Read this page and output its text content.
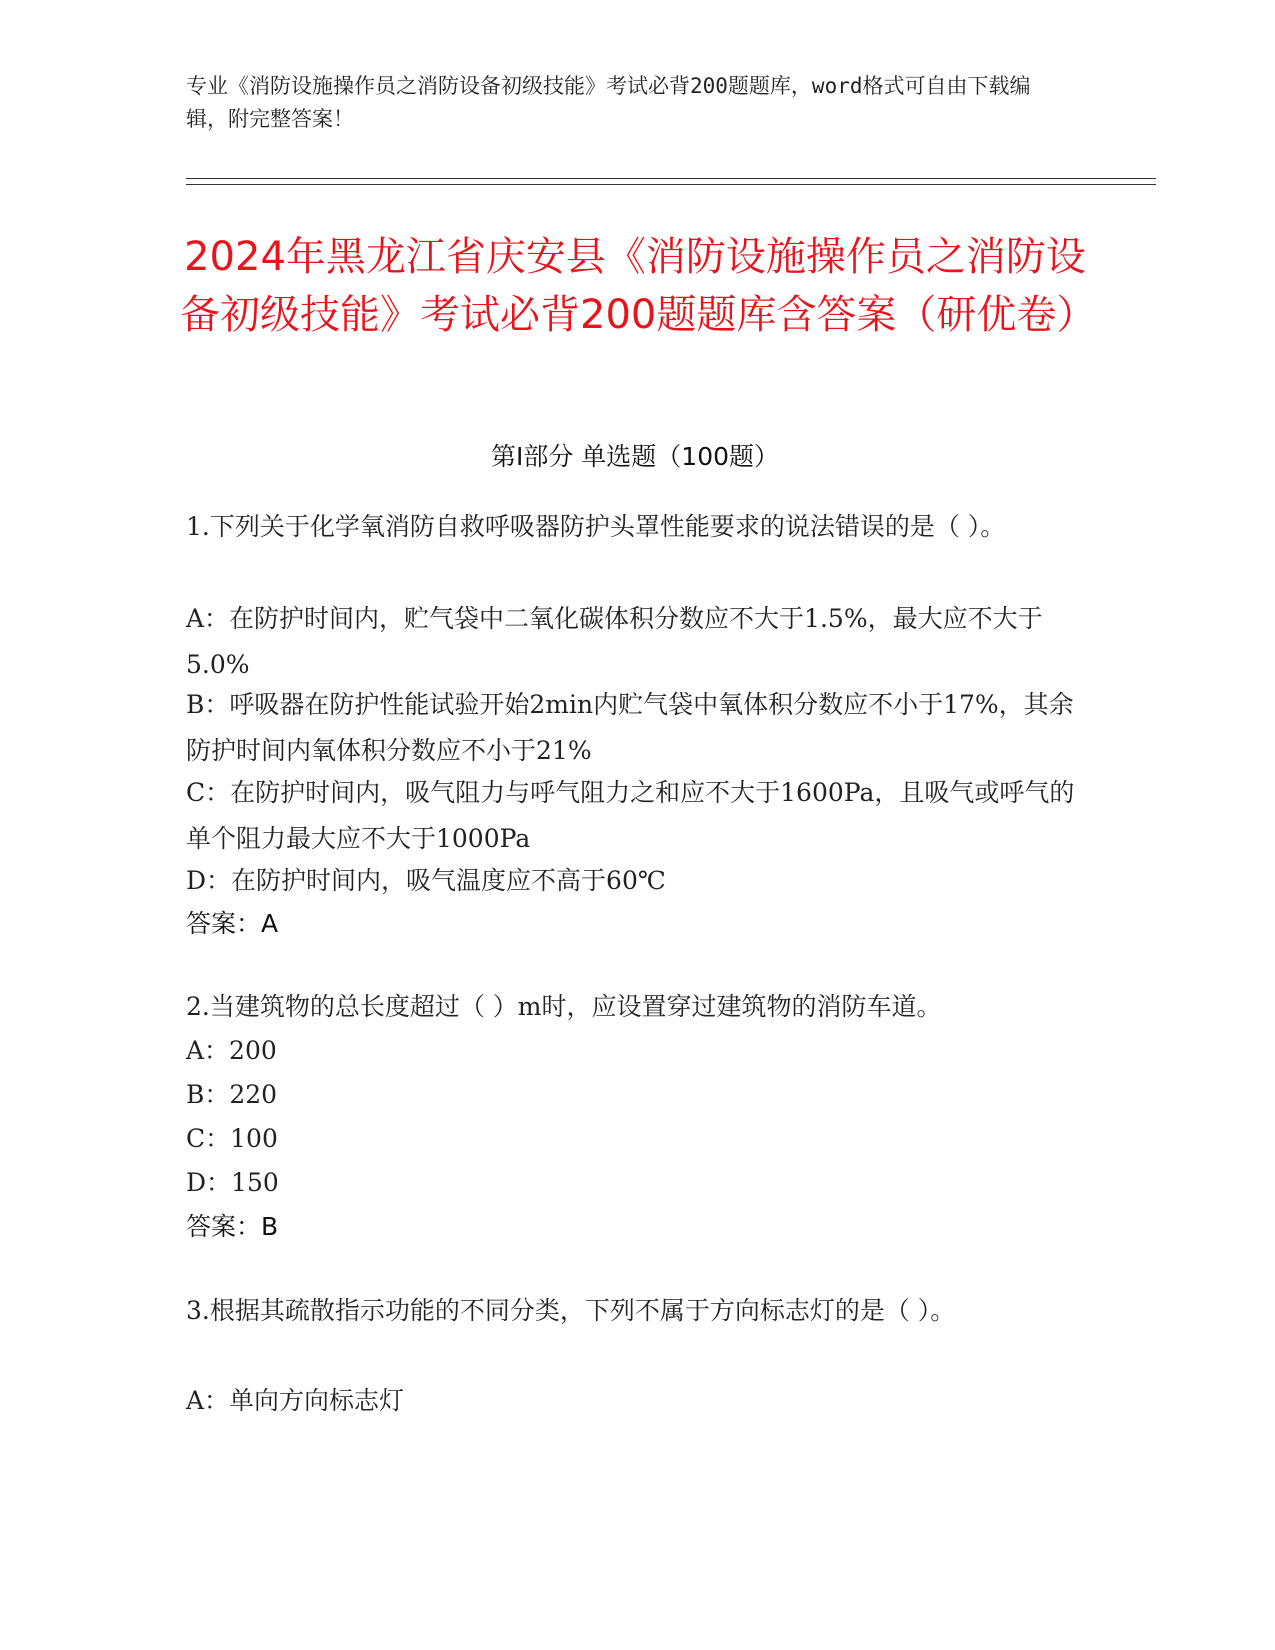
专业《消防设施操作员之消防设备初级技能》考试必背200题题库，word格式可自由下载编辑，附完整答案！
2024年黑龙江省庆安县《消防设施操作员之消防设备初级技能》考试必背200题题库含答案（研优卷）
第Ⅰ部分 单选题（100题）
1.下列关于化学氧消防自救呼吸器防护头罩性能要求的说法错误的是（ ）。
A：在防护时间内，贮气袋中二氧化碳体积分数应不大于1.5%，最大应不大于5.0%
B：呼吸器在防护性能试验开始2min内贮气袋中氧体积分数应不小于17%，其余防护时间内氧体积分数应不小于21%
C：在防护时间内，吸气阻力与呼气阻力之和应不大于1600Pa，且吸气或呼气的单个阻力最大应不大于1000Pa
D：在防护时间内，吸气温度应不高于60℃
答案：A
2.当建筑物的总长度超过（ ）m时，应设置穿过建筑物的消防车道。
A：200
B：220
C：100
D：150
答案：B
3.根据其疏散指示功能的不同分类，下列不属于方向标志灯的是（ ）。
A：单向方向标志灯
